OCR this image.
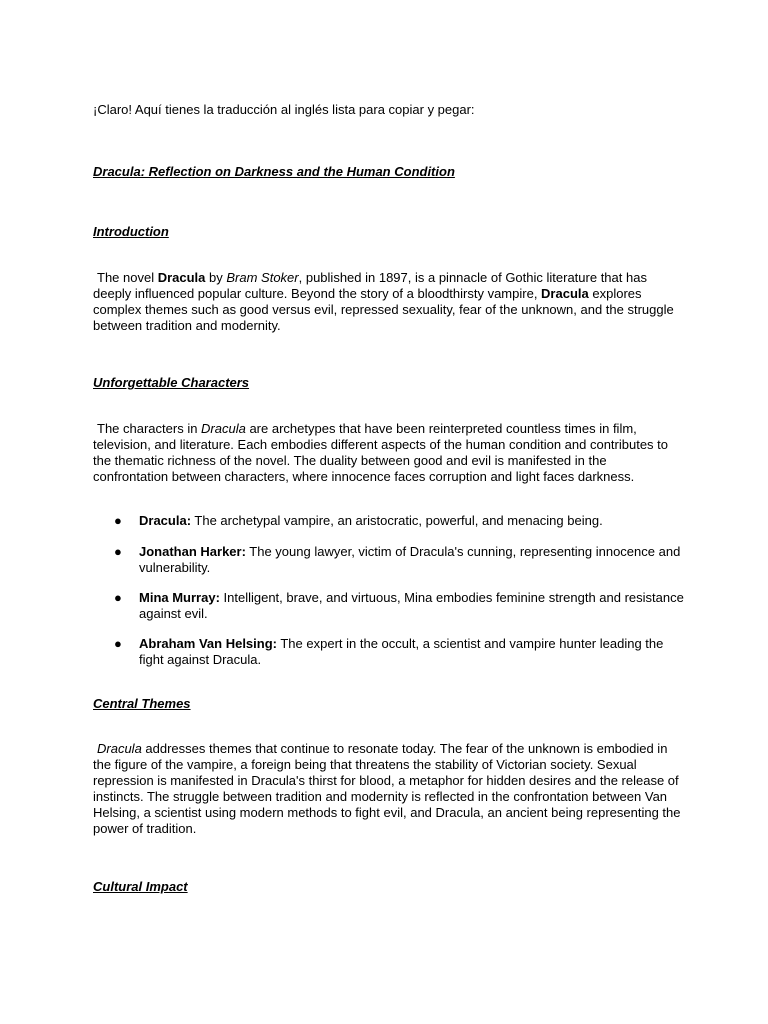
¡Claro! Aquí tienes la traducción al inglés lista para copiar y pegar:

Dracula: Reflection on Darkness and the Human Condition

Introduction

The novel Dracula by Bram Stoker, published in 1897, is a pinnacle of Gothic literature that has deeply influenced popular culture. Beyond the story of a bloodthirsty vampire, Dracula explores complex themes such as good versus evil, repressed sexuality, fear of the unknown, and the struggle between tradition and modernity.

Unforgettable Characters

The characters in Dracula are archetypes that have been reinterpreted countless times in film, television, and literature. Each embodies different aspects of the human condition and contributes to the thematic richness of the novel. The duality between good and evil is manifested in the confrontation between characters, where innocence faces corruption and light faces darkness.

● Dracula: The archetypal vampire, an aristocratic, powerful, and menacing being.
● Jonathan Harker: The young lawyer, victim of Dracula's cunning, representing innocence and vulnerability.
● Mina Murray: Intelligent, brave, and virtuous, Mina embodies feminine strength and resistance against evil.
● Abraham Van Helsing: The expert in the occult, a scientist and vampire hunter leading the fight against Dracula.

Central Themes

Dracula addresses themes that continue to resonate today. The fear of the unknown is embodied in the figure of the vampire, a foreign being that threatens the stability of Victorian society. Sexual repression is manifested in Dracula's thirst for blood, a metaphor for hidden desires and the release of instincts. The struggle between tradition and modernity is reflected in the confrontation between Van Helsing, a scientist using modern methods to fight evil, and Dracula, an ancient being representing the power of tradition.

Cultural Impact
